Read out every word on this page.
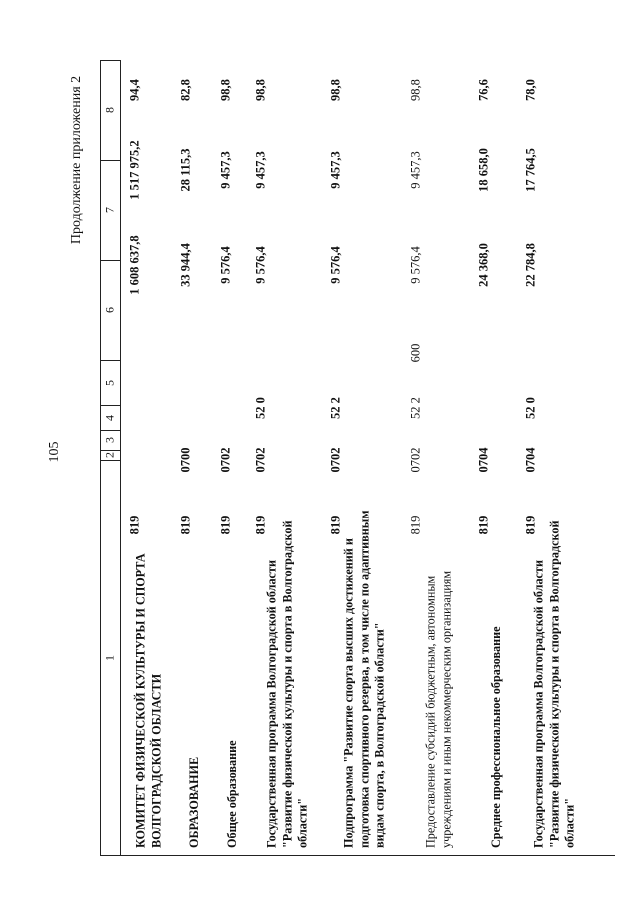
105
Продолжение приложения 2 8
7
6
5
4
3
2
1 КОМИТЕТ ФИЗИЧЕСКОЙ КУЛЬТУРЫ И СПОРТА ВОЛГОГРАДСКОЙ ОБЛАСТИ
819
1 608 637,8
1 517 975,2
94,4
ОБРАЗОВАНИЕ
819
0700
33 944,4
28 115,3
82,8
Общее образование
819
0702
9 576,4
9 457,3
98,8
Государственная программа Волгоградской области "Развитие физической культуры и спорта в Волгоградской области"
819
0702
52 0
9 576,4
9 457,3
98,8
Подпрограмма "Развитие спорта высших достижений и подготовка спортивного резерва, в том числе по адаптивным видам спорта, в Волгоградской области"
819
0702
52 2
9 576,4
9 457,3
98,8
Предоставление субсидий бюджетным, автономным учреждениям и иным некоммерческим организациям
819
0702
52 2
600
9 576,4
9 457,3
98,8
Среднее профессиональное образование
819
0704
24 368,0
18 658,0
76,6
Государственная программа Волгоградской области "Развитие физической культуры и спорта в Волгоградской области"
819
0704
52 0
22 784,8
17 764,5
78,0
